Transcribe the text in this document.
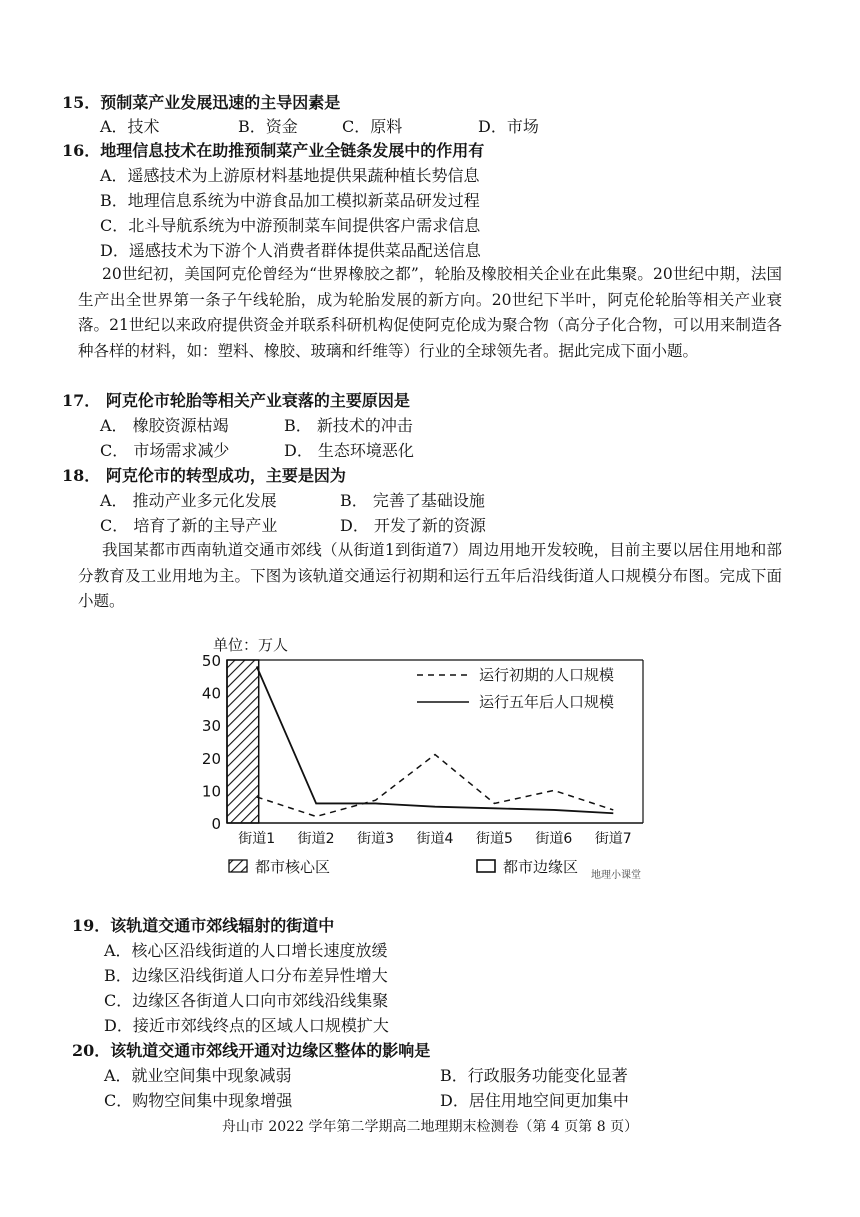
15．预制菜产业发展迅速的主导因素是
A．技术	B．资金	C．原料	D．市场
16．地理信息技术在助推预制菜产业全链条发展中的作用有
A．遥感技术为上游原材料基地提供果蔬种植长势信息
B．地理信息系统为中游食品加工模拟新菜品研发过程
C．北斗导航系统为中游预制菜车间提供客户需求信息
D．遥感技术为下游个人消费者群体提供菜品配送信息
20世纪初，美国阿克伦曾经为“世界橡胶之都”，轮胎及橡胶相关企业在此集聚。20世纪中期，法国生产出全世界第一条子午线轮胎，成为轮胎发展的新方向。20世纪下半叶，阿克伦轮胎等相关产业衰落。21世纪以来政府提供资金并联系科研机构促使阿克伦成为聚合物（高分子化合物，可以用来制造各种各样的材料，如：塑料、橡胶、玻璃和纤维等）行业的全球领先者。据此完成下面小题。
17． 阿克伦市轮胎等相关产业衰落的主要原因是
A． 橡胶资源枯竭	B． 新技术的冲击
C． 市场需求减少	D． 生态环境恶化
18． 阿克伦市的转型成功，主要是因为
A． 推动产业多元化发展	B． 完善了基础设施
C． 培育了新的主导产业	D． 开发了新的资源
我国某都市西南轨道交通市郊线（从街道1到街道7）周边用地开发较晚，目前主要以居住用地和部分教育及工业用地为主。下图为该轨道交通运行初期和运行五年后沿线街道人口规模分布图。完成下面小题。
单位：万人
0
10
20
30
40
50
街道1 街道2 街道3 街道4 街道5 街道6 街道7
运行初期的人口规模
运行五年后人口规模
都市核心区	都市边缘区 地理小课堂
19．该轨道交通市郊线辐射的街道中
A．核心区沿线街道的人口增长速度放缓
B．边缘区沿线街道人口分布差异性增大
C．边缘区各街道人口向市郊线沿线集聚
D．接近市郊线终点的区域人口规模扩大
20．该轨道交通市郊线开通对边缘区整体的影响是
A．就业空间集中现象减弱	B．行政服务功能变化显著
C．购物空间集中现象增强	D．居住用地空间更加集中
舟山市 2022 学年第二学期高二地理期末检测卷（第 4 页第 8 页）
